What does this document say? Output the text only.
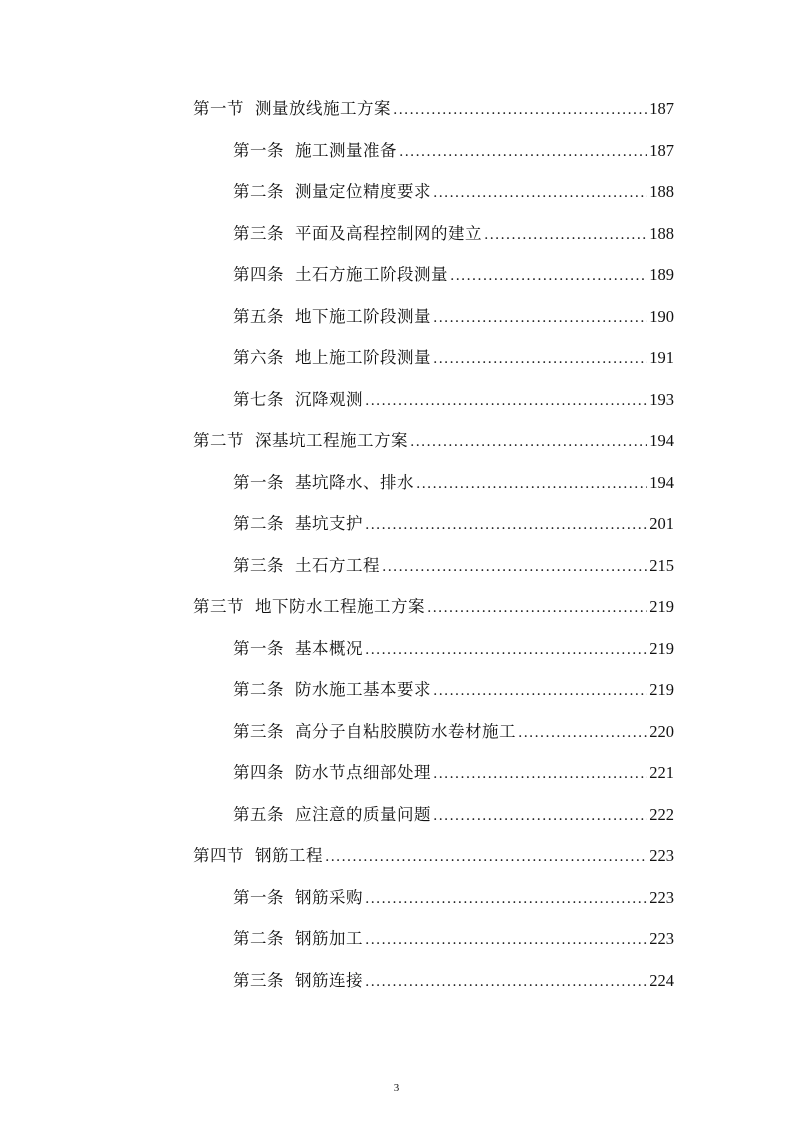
第一节 测量放线施工方案 .....	187
第一条 施工测量准备 .....	187
第二条 测量定位精度要求 .....	188
第三条 平面及高程控制网的建立 .....	188
第四条 土石方施工阶段测量 .....	189
第五条 地下施工阶段测量 .....	190
第六条 地上施工阶段测量 .....	191
第七条 沉降观测 .....	193
第二节 深基坑工程施工方案 .....	194
第一条 基坑降水、排水 .....	194
第二条 基坑支护 .....	201
第三条 土石方工程 .....	215
第三节 地下防水工程施工方案 .....	219
第一条 基本概况 .....	219
第二条 防水施工基本要求 .....	219
第三条 高分子自粘胶膜防水卷材施工 .....	220
第四条 防水节点细部处理 .....	221
第五条 应注意的质量问题 .....	222
第四节 钢筋工程 .....	223
第一条 钢筋采购 .....	223
第二条 钢筋加工 .....	223
第三条 钢筋连接 .....	224
3
